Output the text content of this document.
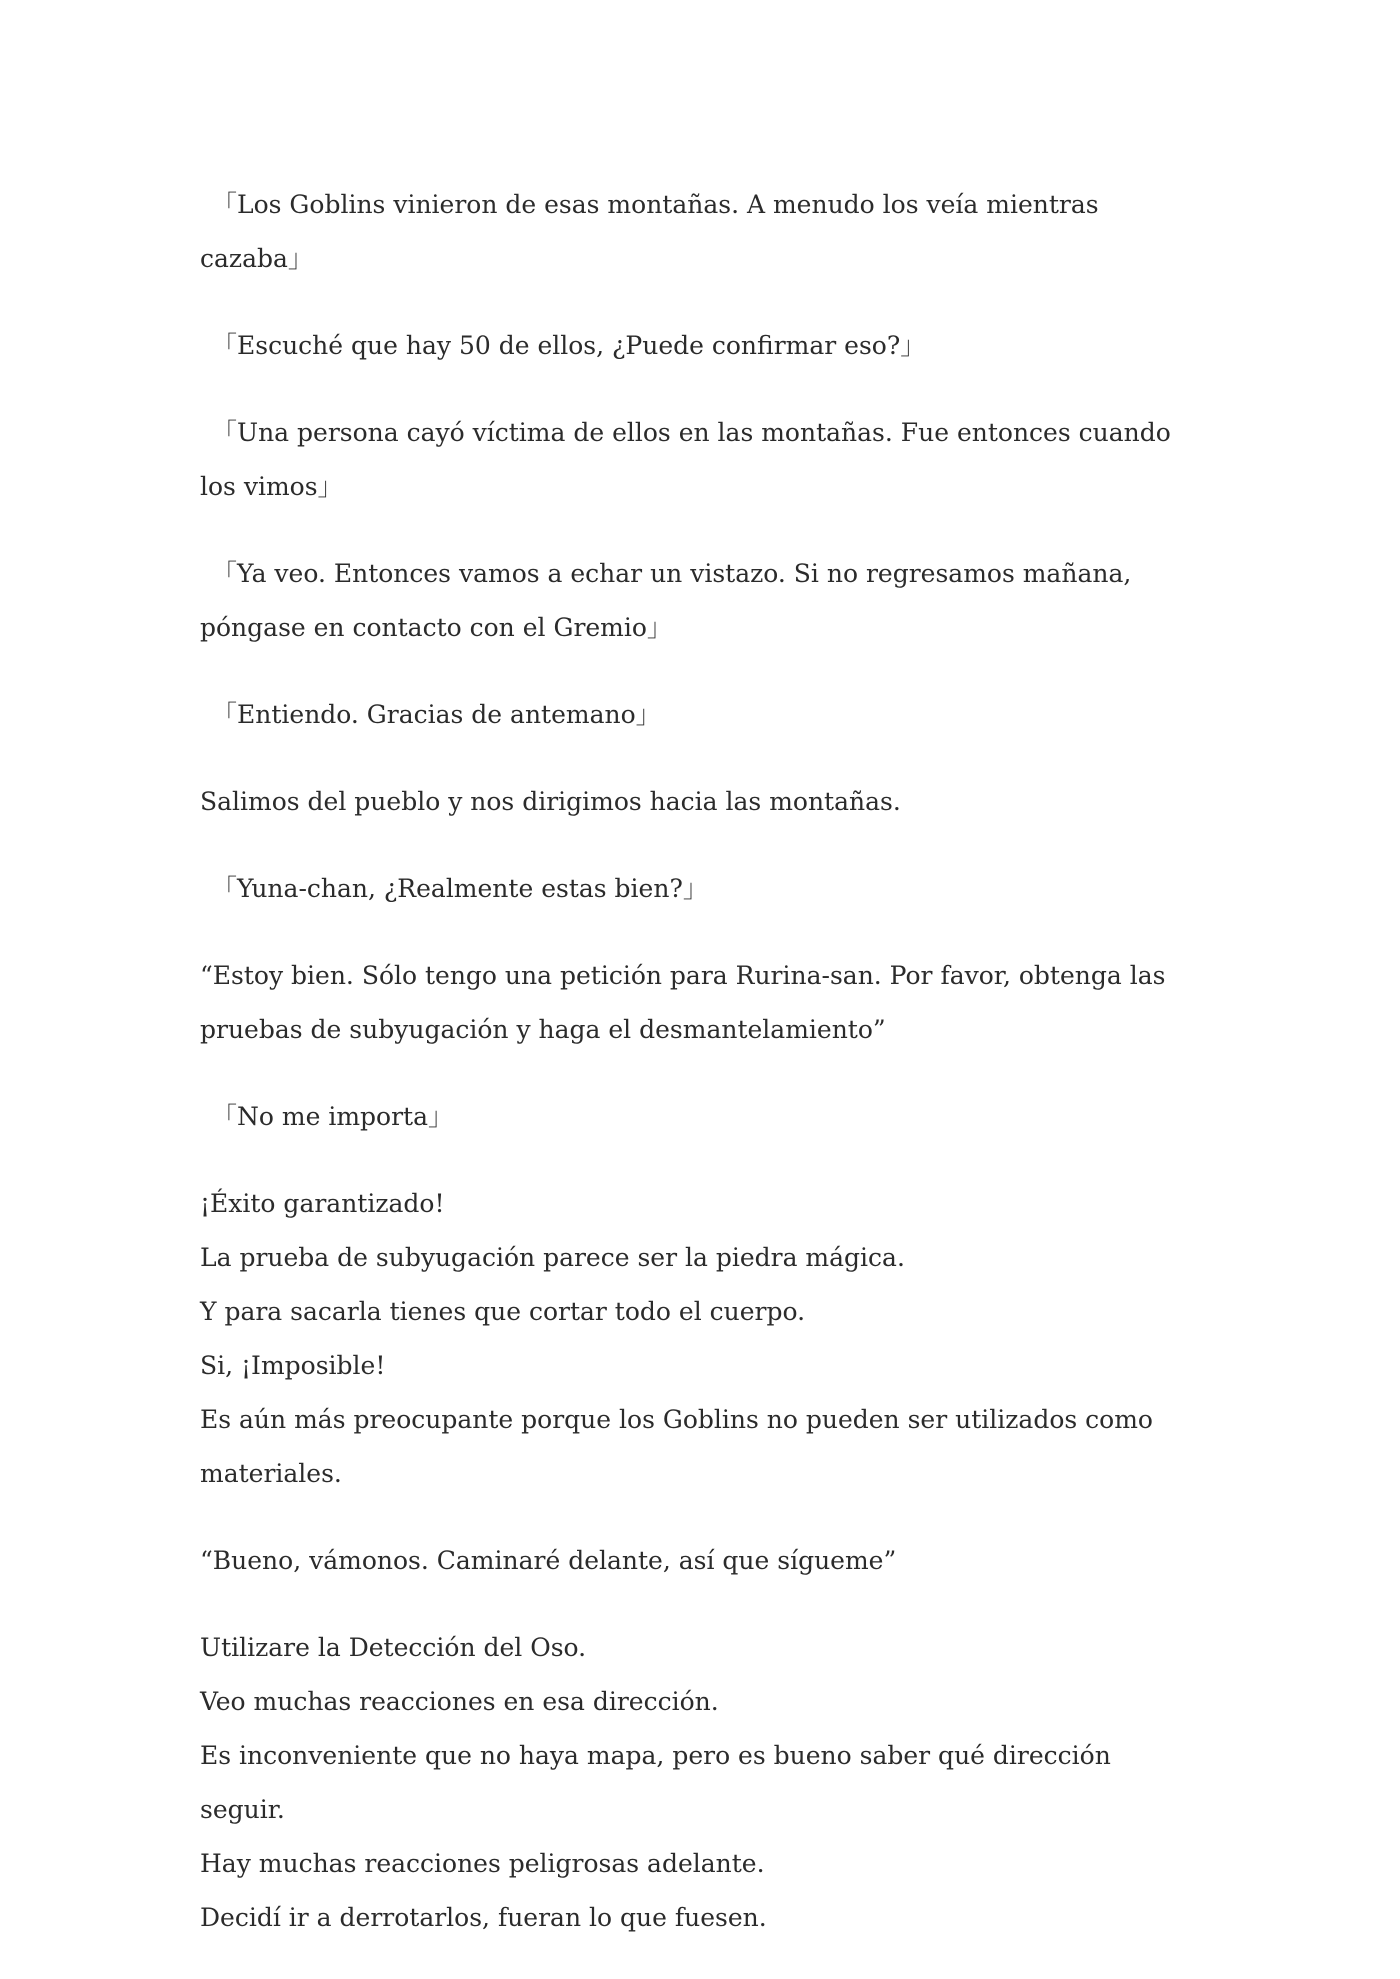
「Los Goblins vinieron de esas montañas. A menudo los veía mientras cazaba」

「Escuché que hay 50 de ellos, ¿Puede confirmar eso?」

「Una persona cayó víctima de ellos en las montañas. Fue entonces cuando los vimos」

「Ya veo. Entonces vamos a echar un vistazo. Si no regresamos mañana, póngase en contacto con el Gremio」

「Entiendo. Gracias de antemano」

Salimos del pueblo y nos dirigimos hacia las montañas.

「Yuna-chan, ¿Realmente estas bien?」

“Estoy bien. Sólo tengo una petición para Rurina-san. Por favor, obtenga las pruebas de subyugación y haga el desmantelamiento”

「No me importa」

¡Éxito garantizado!

La prueba de subyugación parece ser la piedra mágica.

Y para sacarla tienes que cortar todo el cuerpo.

Si, ¡Imposible!

Es aún más preocupante porque los Goblins no pueden ser utilizados como materiales.

“Bueno, vámonos. Caminaré delante, así que sígueme”

Utilizare la Detección del Oso.

Veo muchas reacciones en esa dirección.

Es inconveniente que no haya mapa, pero es bueno saber qué dirección seguir.

Hay muchas reacciones peligrosas adelante.

Decidí ir a derrotarlos, fueran lo que fuesen.
